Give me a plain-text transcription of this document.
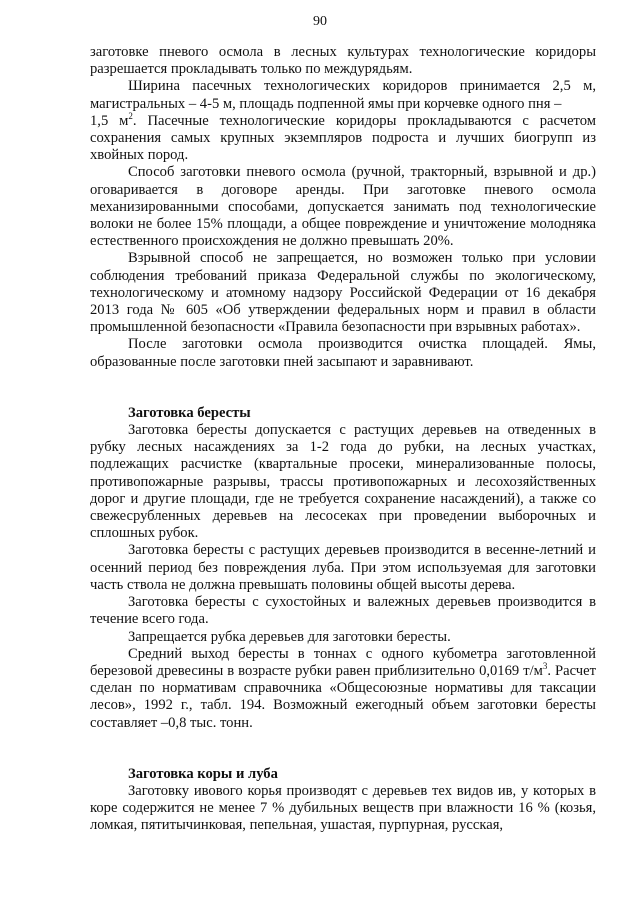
90

заготовке пневого осмола в лесных культурах технологические коридоры разрешается прокладывать только по междурядьям.

Ширина пасечных технологических коридоров принимается 2,5 м, магистральных – 4-5 м, площадь подпенной ямы при корчевке одного пня –

1,5 $м^2$. Пасечные технологические коридоры прокладываются с расчетом сохранения самых крупных экземпляров подроста и лучших биогрупп из хвойных пород.

Способ заготовки пневого осмола (ручной, тракторный, взрывной и др.) оговаривается в договоре аренды. При заготовке пневого осмола механизированными способами, допускается занимать под технологические волоки не более 15% площади, а общее повреждение и уничтожение молодняка естественного происхождения не должно превышать 20%.

Взрывной способ не запрещается, но возможен только при условии соблюдения требований приказа Федеральной службы по экологическому, технологическому и атомному надзору Российской Федерации от 16 декабря 2013 года № 605 «Об утверждении федеральных норм и правил в области промышленной безопасности «Правила безопасности при взрывных работах».

После заготовки осмола производится очистка площадей. Ямы, образованные после заготовки пней засыпают и заравнивают.

Заготовка бересты

Заготовка бересты допускается с растущих деревьев на отведенных в рубку лесных насаждениях за 1-2 года до рубки, на лесных участках, подлежащих расчистке (квартальные просеки, минерализованные полосы, противопожарные разрывы, трассы противопожарных и лесохозяйственных дорог и другие площади, где не требуется сохранение насаждений), а также со свежесрубленных деревьев на лесосеках при проведении выборочных и сплошных рубок.

Заготовка бересты с растущих деревьев производится в весенне-летний и осенний период без повреждения луба. При этом используемая для заготовки часть ствола не должна превышать половины общей высоты дерева.

Заготовка бересты с сухостойных и валежных деревьев производится в течение всего года.

Запрещается рубка деревьев для заготовки бересты.

Средний выход бересты в тоннах с одного кубометра заготовленной березовой древесины в возрасте рубки равен приблизительно 0,0169 $т/м^3$. Расчет сделан по нормативам справочника «Общесоюзные нормативы для таксации лесов», 1992 г., табл. 194. Возможный ежегодный объем заготовки бересты составляет –0,8 тыс. тонн.

Заготовка коры и луба

Заготовку ивового корья производят с деревьев тех видов ив, у которых в коре содержится не менее 7 % дубильных веществ при влажности 16 % (козья, ломкая, пятитычинковая, пепельная, ушастая, пурпурная, русская,
